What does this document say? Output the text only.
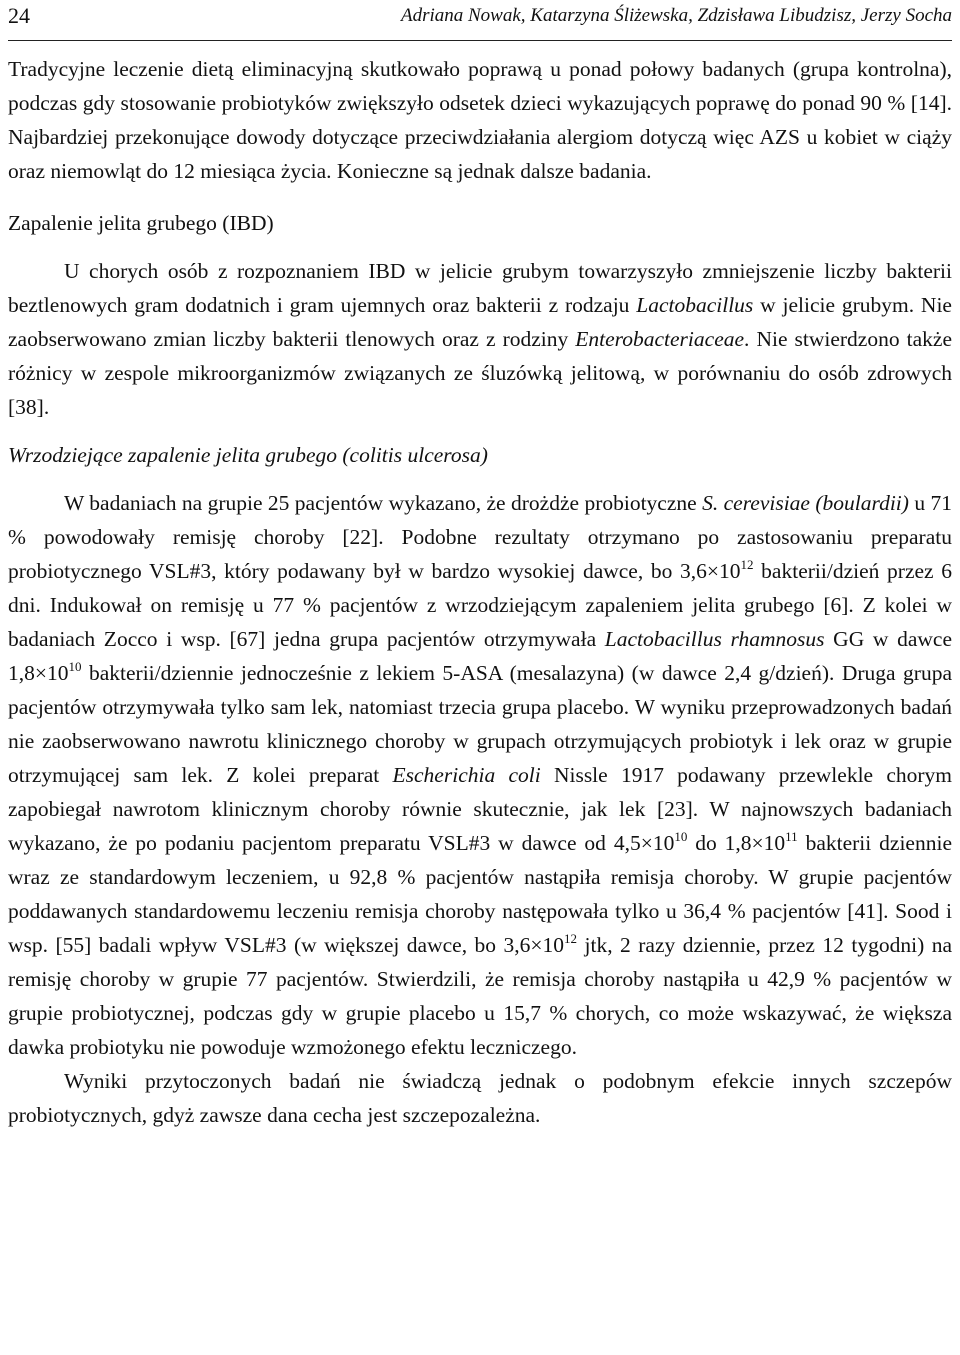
24	Adriana Nowak, Katarzyna Śliżewska, Zdzisława Libudzisz, Jerzy Socha

Tradycyjne leczenie dietą eliminacyjną skutkowało poprawą u ponad połowy badanych (grupa kontrolna), podczas gdy stosowanie probiotyków zwiększyło odsetek dzieci wykazujących poprawę do ponad 90 % [14]. Najbardziej przekonujące dowody dotyczące przeciwdziałania alergiom dotyczą więc AZS u kobiet w ciąży oraz niemowląt do 12 miesiąca życia. Konieczne są jednak dalsze badania.

Zapalenie jelita grubego (IBD)

U chorych osób z rozpoznaniem IBD w jelicie grubym towarzyszyło zmniejszenie liczby bakterii beztlenowych gram dodatnich i gram ujemnych oraz bakterii z rodzaju Lactobacillus w jelicie grubym. Nie zaobserwowano zmian liczby bakterii tlenowych oraz z rodziny Enterobacteriaceae. Nie stwierdzono także różnicy w zespole mikroorganizmów związanych ze śluzówką jelitową, w porównaniu do osób zdrowych [38].

Wrzodziejące zapalenie jelita grubego (colitis ulcerosa)

W badaniach na grupie 25 pacjentów wykazano, że drożdże probiotyczne S. cerevisiae (boulardii) u 71 % powodowały remisję choroby [22]. Podobne rezultaty otrzymano po zastosowaniu preparatu probiotycznego VSL#3, który podawany był w bardzo wysokiej dawce, bo $3,6\times 10^{12}$ bakterii/dzień przez 6 dni. Indukował on remisję u 77 % pacjentów z wrzodziejącym zapaleniem jelita grubego [6]. Z kolei w badaniach Zocco i wsp. [67] jedna grupa pacjentów otrzymywała Lactobacillus rhamnosus GG w dawce $1,8\times 10^{10}$ bakterii/dziennie jednocześnie z lekiem 5-ASA (mesalazyna) (w dawce 2,4 g/dzień). Druga grupa pacjentów otrzymywała tylko sam lek, natomiast trzecia grupa placebo. W wyniku przeprowadzonych badań nie zaobserwowano nawrotu klinicznego choroby w grupach otrzymujących probiotyk i lek oraz w grupie otrzymującej sam lek. Z kolei preparat Escherichia coli Nissle 1917 podawany przewlekle chorym zapobiegał nawrotom klinicznym choroby równie skutecznie, jak lek [23]. W najnowszych badaniach wykazano, że po podaniu pacjentom preparatu VSL#3 w dawce od $4,5\times 10^{10}$ do $1,8\times 10^{11}$ bakterii dziennie wraz ze standardowym leczeniem, u 92,8 % pacjentów nastąpiła remisja choroby. W grupie pacjentów poddawanych standardowemu leczeniu remisja choroby następowała tylko u 36,4 % pacjentów [41]. Sood i wsp. [55] badali wpływ VSL#3 (w większej dawce, bo $3,6\times 10^{12}$ jtk, 2 razy dziennie, przez 12 tygodni) na remisję choroby w grupie 77 pacjentów. Stwierdzili, że remisja choroby nastąpiła u 42,9 % pacjentów w grupie probiotycznej, podczas gdy w grupie placebo u 15,7 % chorych, co może wskazywać, że większa dawka probiotyku nie powoduje wzmożonego efektu leczniczego.

Wyniki przytoczonych badań nie świadczą jednak o podobnym efekcie innych szczepów probiotycznych, gdyż zawsze dana cecha jest szczepozależna.
